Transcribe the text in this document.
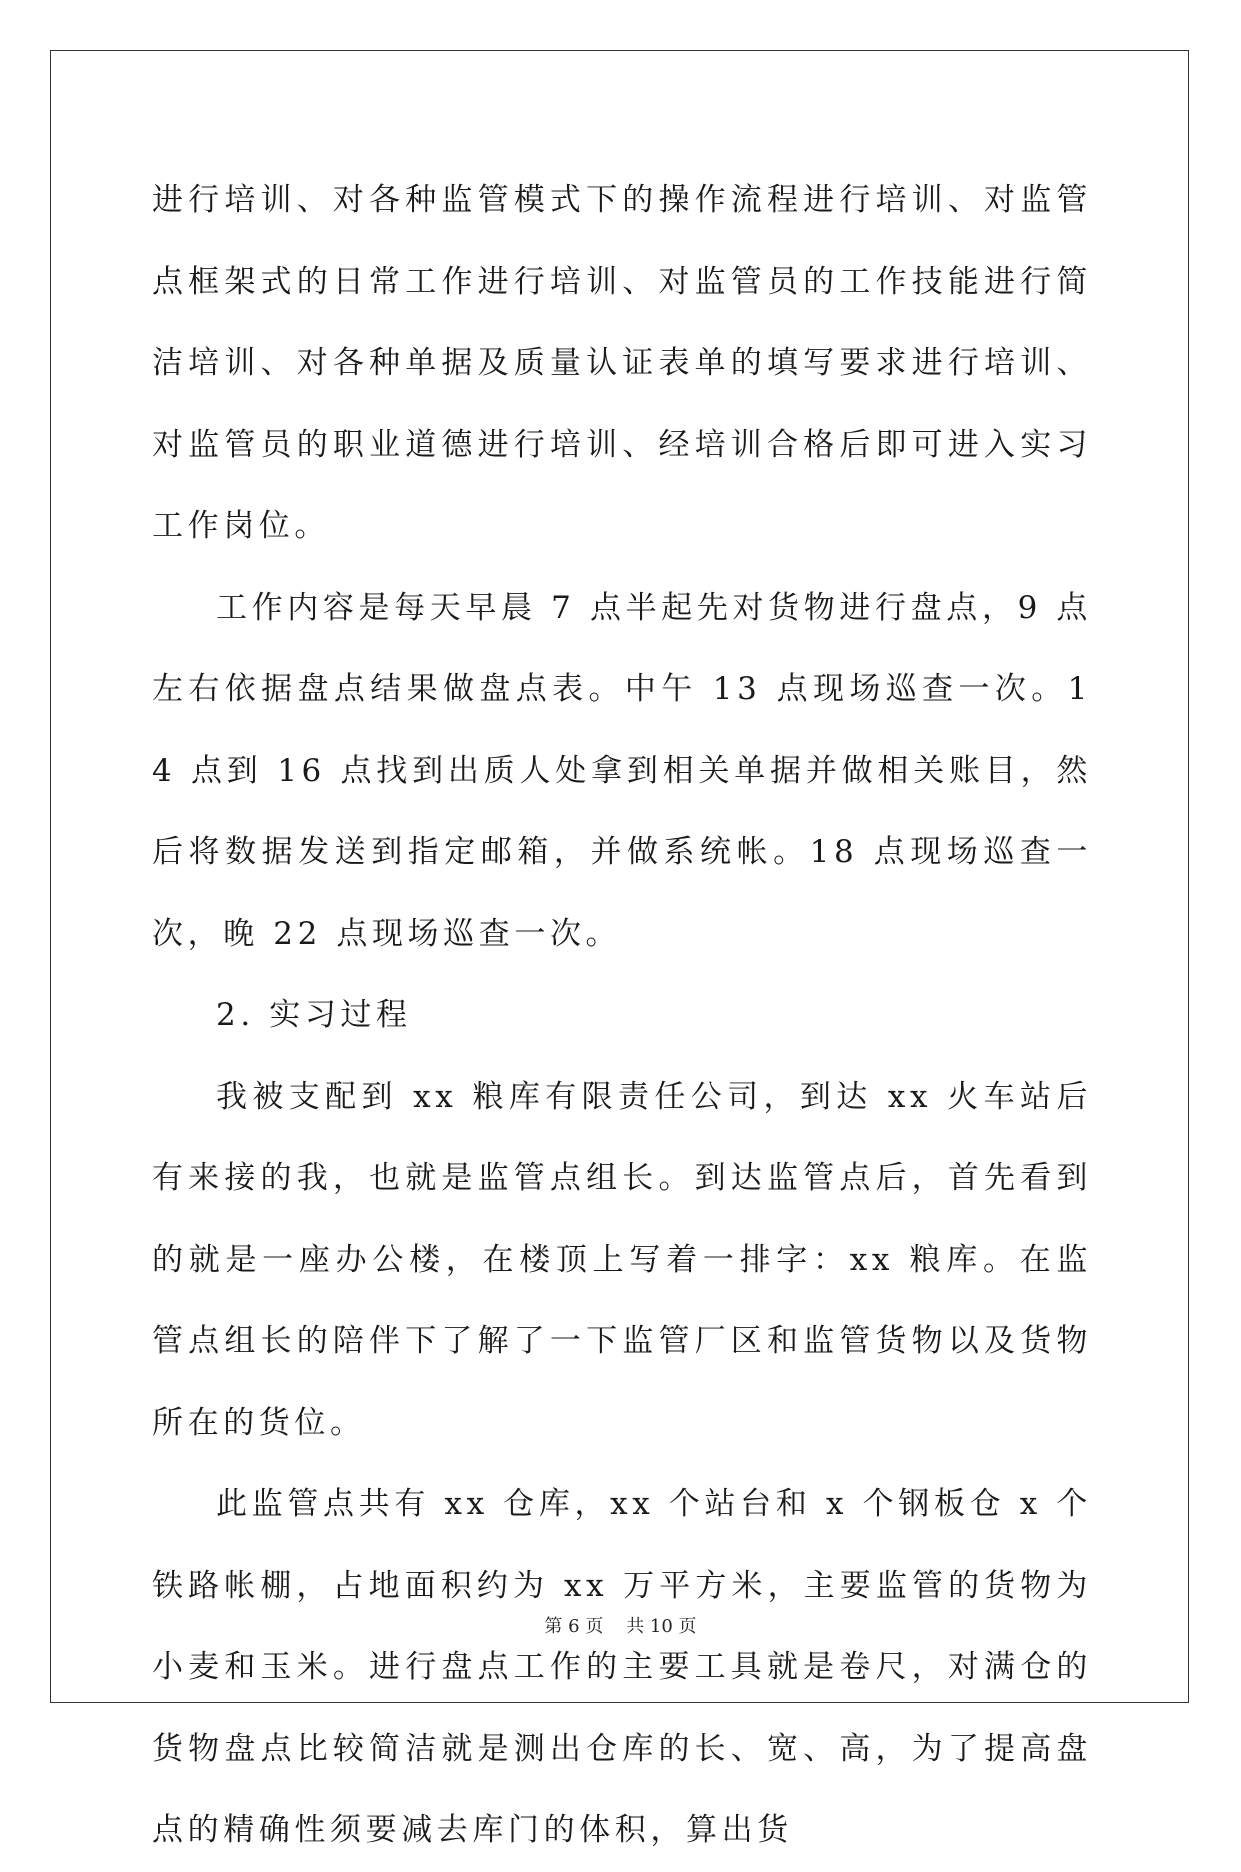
进行培训、对各种监管模式下的操作流程进行培训、对监管点框架式的日常工作进行培训、对监管员的工作技能进行简洁培训、对各种单据及质量认证表单的填写要求进行培训、对监管员的职业道德进行培训、经培训合格后即可进入实习工作岗位。

工作内容是每天早晨 7 点半起先对货物进行盘点，9 点左右依据盘点结果做盘点表。中午 13 点现场巡查一次。14 点到 16 点找到出质人处拿到相关单据并做相关账目，然后将数据发送到指定邮箱，并做系统帐。18 点现场巡查一次，晚 22 点现场巡查一次。

2. 实习过程

我被支配到 xx 粮库有限责任公司，到达 xx 火车站后有来接的我，也就是监管点组长。到达监管点后，首先看到的就是一座办公楼，在楼顶上写着一排字：xx 粮库。在监管点组长的陪伴下了解了一下监管厂区和监管货物以及货物所在的货位。

此监管点共有 xx 仓库，xx 个站台和 x 个钢板仓 x 个铁路帐棚，占地面积约为 xx 万平方米，主要监管的货物为小麦和玉米。进行盘点工作的主要工具就是卷尺，对满仓的货物盘点比较简洁就是测出仓库的长、宽、高，为了提高盘点的精确性须要减去库门的体积，算出货

第 6 页    共 10 页
